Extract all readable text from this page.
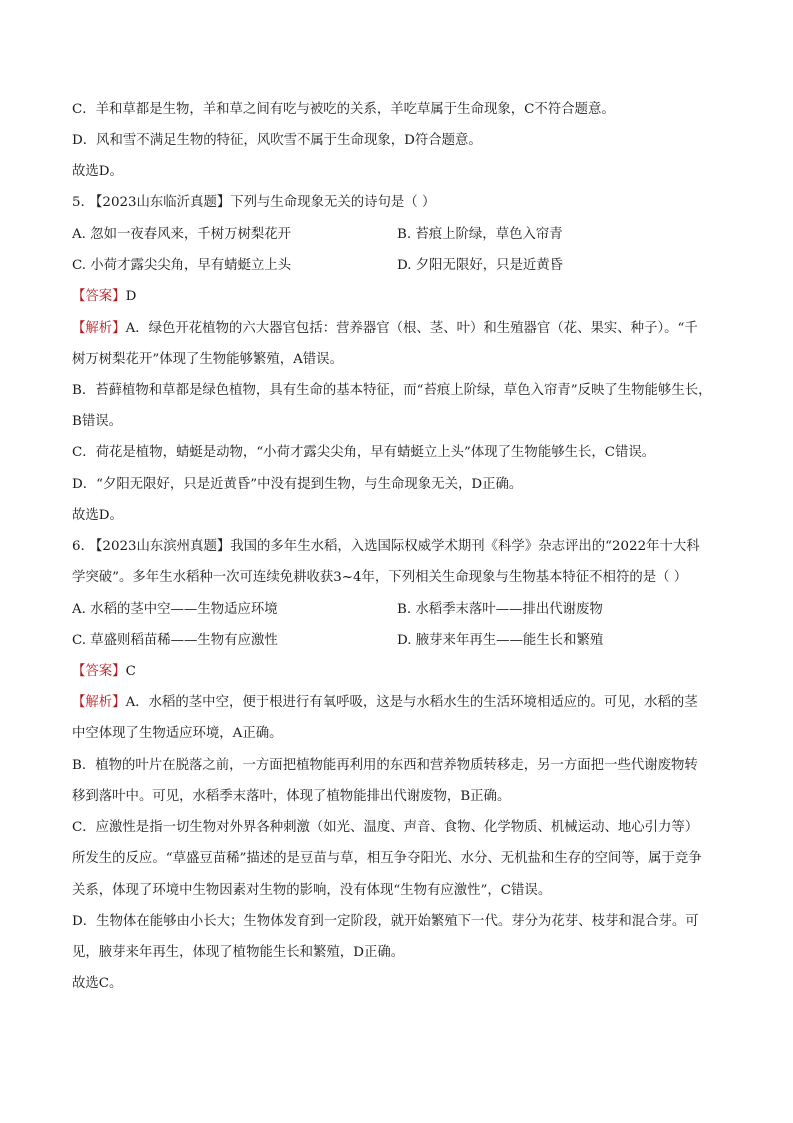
C．羊和草都是生物，羊和草之间有吃与被吃的关系，羊吃草属于生命现象，C不符合题意。
D．风和雪不满足生物的特征，风吹雪不属于生命现象，D符合题意。
故选D。
5. 【2023山东临沂真题】下列与生命现象无关的诗句是（ ）
A. 忽如一夜春风来，千树万树梨花开	B. 苔痕上阶绿，草色入帘青
C. 小荷才露尖尖角，早有蜻蜓立上头	D. 夕阳无限好，只是近黄昏
【答案】D
【解析】A．绿色开花植物的六大器官包括：营养器官（根、茎、叶）和生殖器官（花、果实、种子）。“千
树万树梨花开”体现了生物能够繁殖，A错误。
B．苔藓植物和草都是绿色植物，具有生命的基本特征，而“苔痕上阶绿，草色入帘青”反映了生物能够生长，
B错误。
C．荷花是植物，蜻蜓是动物，“小荷才露尖尖角，早有蜻蜓立上头”体现了生物能够生长，C错误。
D．“夕阳无限好，只是近黄昏”中没有提到生物，与生命现象无关，D正确。
故选D。
6. 【2023山东滨州真题】我国的多年生水稻，入选国际权威学术期刊《科学》杂志评出的“2022年十大科
学突破”。多年生水稻种一次可连续免耕收获3~4年，下列相关生命现象与生物基本特征不相符的是（ ）
A. 水稻的茎中空——生物适应环境	B. 水稻季末落叶——排出代谢废物
C. 草盛则稻苗稀——生物有应激性	D. 腋芽来年再生——能生长和繁殖
【答案】C
【解析】A．水稻的茎中空，便于根进行有氧呼吸，这是与水稻水生的生活环境相适应的。可见，水稻的茎
中空体现了生物适应环境，A正确。
B．植物的叶片在脱落之前，一方面把植物能再利用的东西和营养物质转移走，另一方面把一些代谢废物转
移到落叶中。可见，水稻季末落叶，体现了植物能排出代谢废物，B正确。
C．应激性是指一切生物对外界各种刺激（如光、温度、声音、食物、化学物质、机械运动、地心引力等）
所发生的反应。“草盛豆苗稀”描述的是豆苗与草，相互争夺阳光、水分、无机盐和生存的空间等，属于竞争
关系，体现了环境中生物因素对生物的影响，没有体现“生物有应激性”，C错误。
D．生物体在能够由小长大；生物体发育到一定阶段，就开始繁殖下一代。芽分为花芽、枝芽和混合芽。可
见，腋芽来年再生，体现了植物能生长和繁殖，D正确。
故选C。
